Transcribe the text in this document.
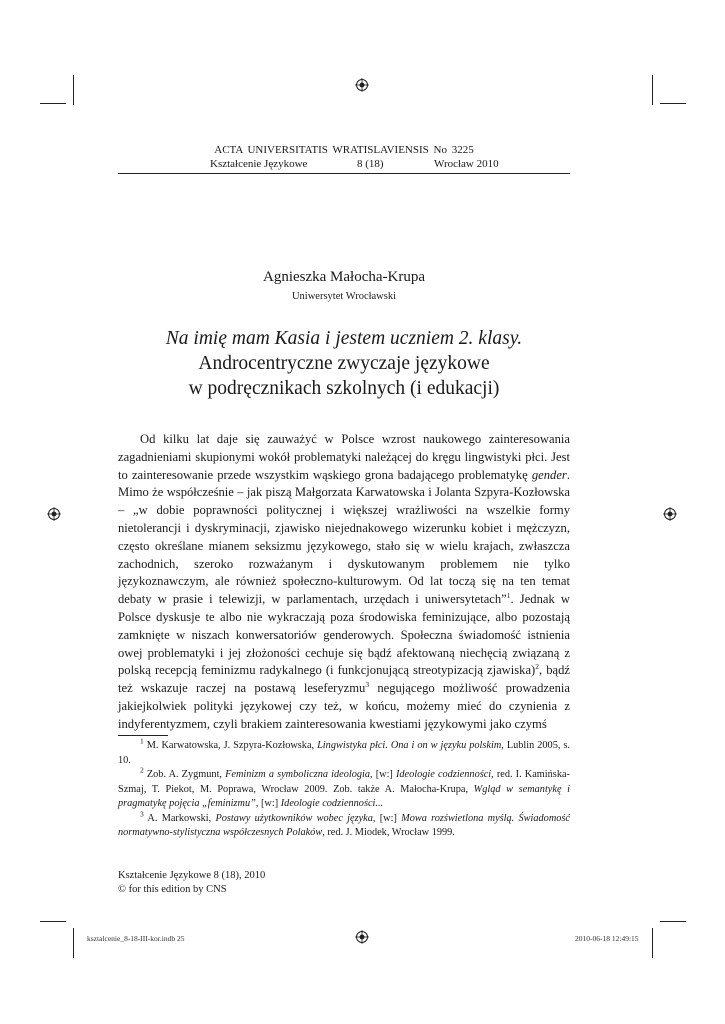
ACTA UNIVERSITATIS WRATISLAVIENSIS No 3225
Kształcenie Językowe	8 (18)	Wrocław 2010
Agnieszka Małocha-Krupa
Uniwersytet Wrocławski
Na imię mam Kasia i jestem uczniem 2. klasy.
Androcentryczne zwyczaje językowe
w podręcznikach szkolnych (i edukacji)

Od kilku lat daje się zauważyć w Polsce wzrost naukowego zainteresowania zagadnieniami skupionymi wokół problematyki należącej do kręgu lingwistyki płci. Jest to zainteresowanie przede wszystkim wąskiego grona badającego problematykę gender. Mimo że współcześnie – jak piszą Małgorzata Karwatowska i Jolanta Szpyra-Kozłowska – „w dobie poprawności politycznej i większej wrażliwości na wszelkie formy nietolerancji i dyskryminacji, zjawisko niejednakowego wizerunku kobiet i mężczyzn, często określane mianem seksizmu językowego, stało się w wielu krajach, zwłaszcza zachodnich, szeroko rozważanym i dyskutowanym problemem nie tylko językoznawczym, ale również społeczno-kulturowym. Od lat toczą się na ten temat debaty w prasie i telewizji, w parlamentach, urzędach i uniwersytetach”$^1$. Jednak w Polsce dyskusje te albo nie wykraczają poza środowiska feminizujące, albo pozostają zamknięte w niszach konwersatoriów genderowych. Społeczna świadomość istnienia owej problematyki i jej złożoności cechuje się bądź afektowaną niechęcią związaną z polską recepcją feminizmu radykalnego (i funkcjonującą streotypizacją zjawiska)$^2$, bądź też wskazuje raczej na postawą leseferyzmu$^3$ negującego możliwość prowadzenia jakiejkolwiek polityki językowej czy też, w końcu, możemy mieć do czynienia z indyferentyzmem, czyli brakiem zainteresowania kwestiami językowymi jako czymś

$^1$ M. Karwatowska, J. Szpyra-Kozłowska, Lingwistyka płci. Ona i on w języku polskim, Lublin 2005, s. 10.

$^2$ Zob. A. Zygmunt, Feminizm a symboliczna ideologia, [w:] Ideologie codzienności, red. I. Kamińska-Szmaj, T. Piekot, M. Poprawa, Wrocław 2009. Zob. także A. Małocha-Krupa, Wgląd w semantykę i pragmatykę pojęcia „feminizmu”, [w:] Ideologie codzienności...

$^3$ A. Markowski, Postawy użytkowników wobec języka, [w:] Mowa rozświetlona myślą. Świadomość normatywno-stylistyczna współczesnych Polaków, red. J. Miodek, Wrocław 1999.

Kształcenie Językowe 8 (18), 2010
© for this edition by CNS
ksztalcenie_8-18-III-kor.indb 25	2010-06-18 12:49:15
